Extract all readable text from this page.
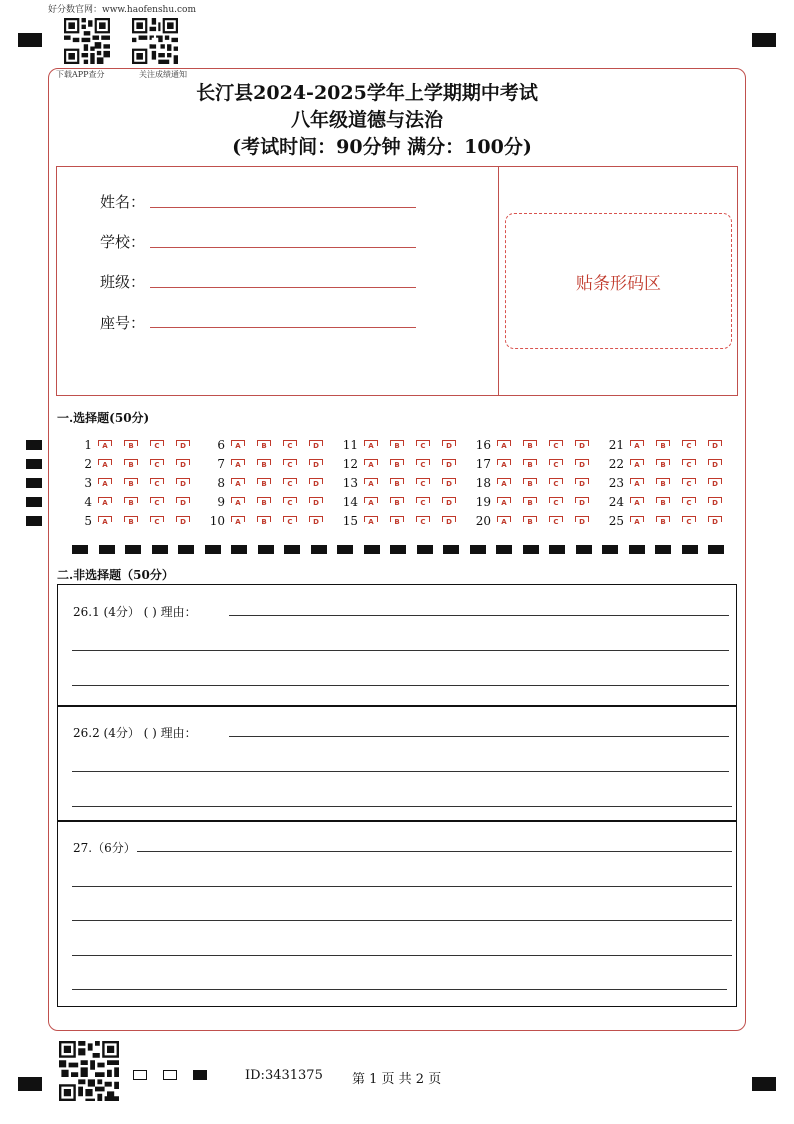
好分数官网：www.haofenshu.com
下载APP查分	关注成绩通知
长汀县2024-2025学年上学期期中考试
八年级道德与法治
(考试时间：90分钟 满分：100分)
姓名：
学校：
班级：
座号：
贴条形码区
一.选择题(50分)
1	A	B	C	D
2	A	B	C	D
3	A	B	C	D
4	A	B	C	D
5	A	B	C	D
6	A	B	C	D
7	A	B	C	D
8	A	B	C	D
9	A	B	C	D
10	A	B	C	D
11	A	B	C	D
12	A	B	C	D
13	A	B	C	D
14	A	B	C	D
15	A	B	C	D
16	A	B	C	D
17	A	B	C	D
18	A	B	C	D
19	A	B	C	D
20	A	B	C	D
21	A	B	C	D
22	A	B	C	D
23	A	B	C	D
24	A	B	C	D
25	A	B	C	D
二.非选择题（50分）
26.1 (4分） ( ) 理由：
26.2 (4分） ( ) 理由：
27.（6分）
ID:3431375 第 1 页 共 2 页
